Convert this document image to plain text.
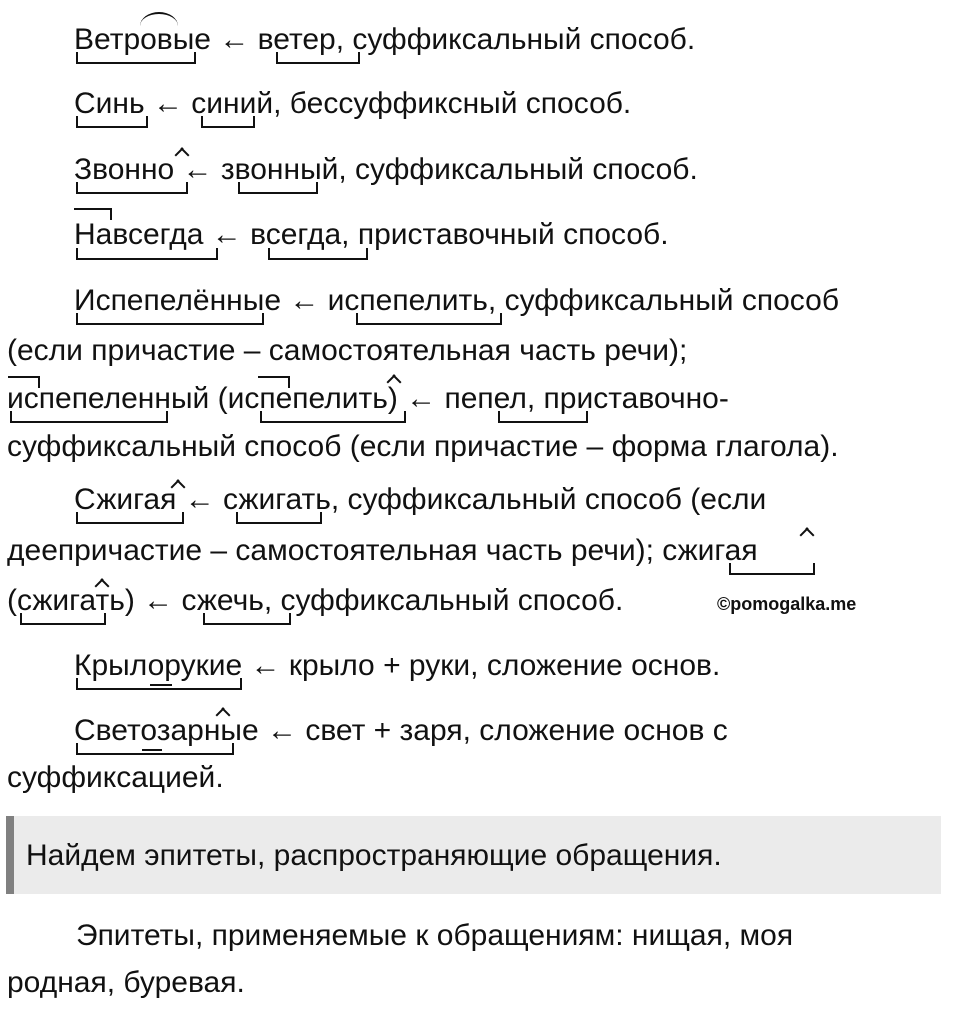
Ветровые ← ветер, суффиксальный способ.
Синь ← синий, бессуффиксный способ.
Звонно ← звонный, суффиксальный способ.
Навсегда ← всегда, приставочный способ.
Испепелённые ← испепелить, суффиксальный способ
(если причастие – самостоятельная часть речи);
испепеленный (испепелить) ← пепел, приставочно-
суффиксальный способ (если причастие – форма глагола).
Сжигая ← сжигать, суффиксальный способ (если
деепричастие – самостоятельная часть речи); сжигая
(сжигать) ← сжечь, суффиксальный способ.	©pomogalka.me
Крылорукие ← крыло + руки, сложение основ.
Светозарные ← свет + заря, сложение основ с
суффиксацией.
Найдем эпитеты, распространяющие обращения.
Эпитеты, применяемые к обращениям: нищая, моя
родная, буревая.
